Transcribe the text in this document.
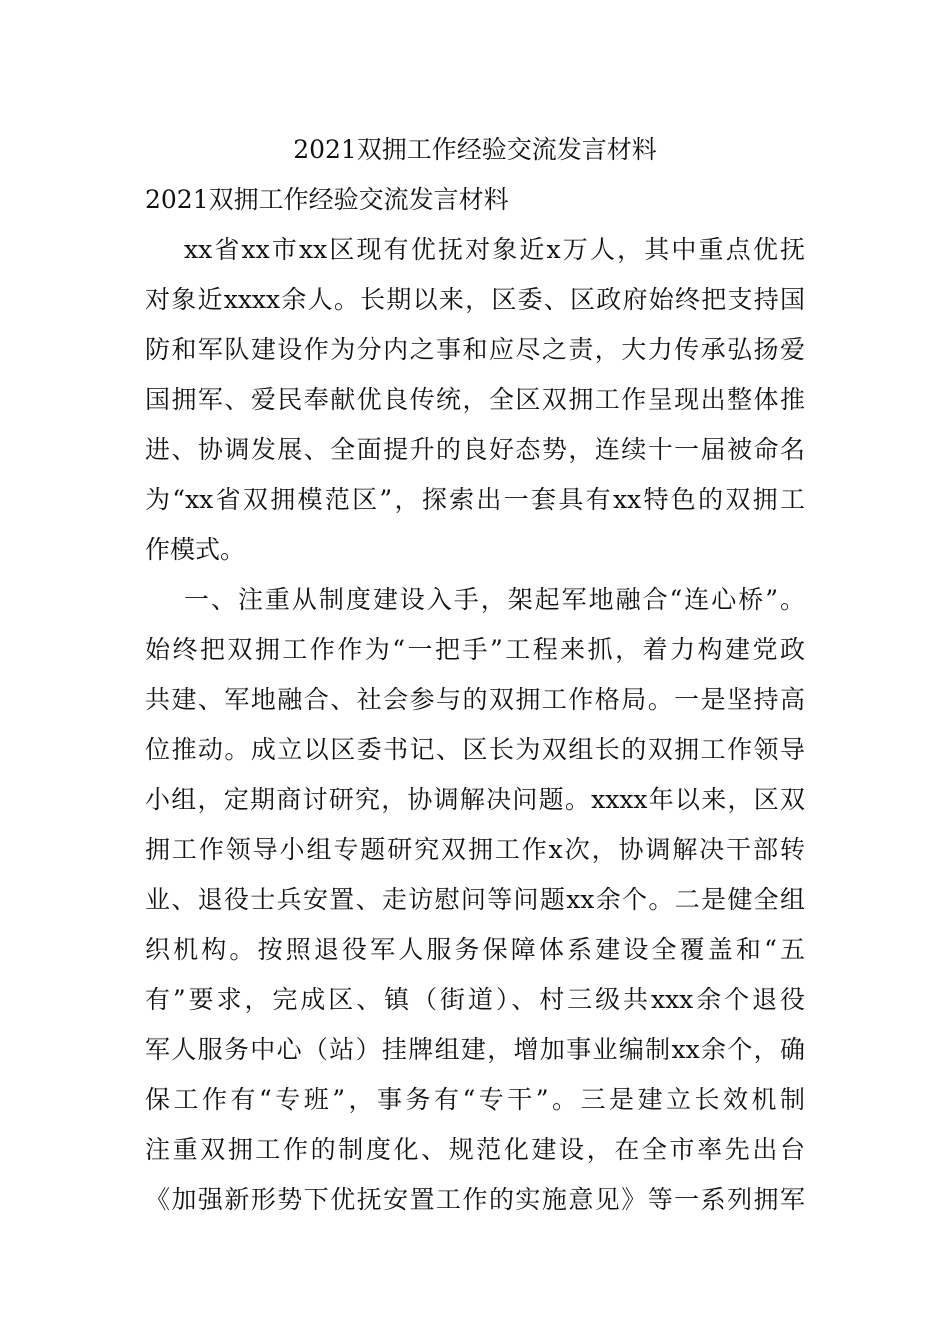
2021双拥工作经验交流发言材料
2021双拥工作经验交流发言材料
xx省xx市xx区现有优抚对象近x万人，其中重点优抚
对象近xxxx余人。长期以来，区委、区政府始终把支持国
防和军队建设作为分内之事和应尽之责，大力传承弘扬爱
国拥军、爱民奉献优良传统，全区双拥工作呈现出整体推
进、协调发展、全面提升的良好态势，连续十一届被命名
为“xx省双拥模范区”，探索出一套具有xx特色的双拥工
作模式。
一、注重从制度建设入手，架起军地融合“连心桥”。
始终把双拥工作作为“一把手”工程来抓，着力构建党政
共建、军地融合、社会参与的双拥工作格局。一是坚持高
位推动。成立以区委书记、区长为双组长的双拥工作领导
小组，定期商讨研究，协调解决问题。xxxx年以来，区双
拥工作领导小组专题研究双拥工作x次，协调解决干部转
业、退役士兵安置、走访慰问等问题xx余个。二是健全组
织机构。按照退役军人服务保障体系建设全覆盖和“五
有”要求，完成区、镇（街道）、村三级共xxx余个退役
军人服务中心（站）挂牌组建，增加事业编制xx余个，确
保工作有“专班”，事务有“专干”。三是建立长效机制
注重双拥工作的制度化、规范化建设，在全市率先出台
《加强新形势下优抚安置工作的实施意见》等一系列拥军
